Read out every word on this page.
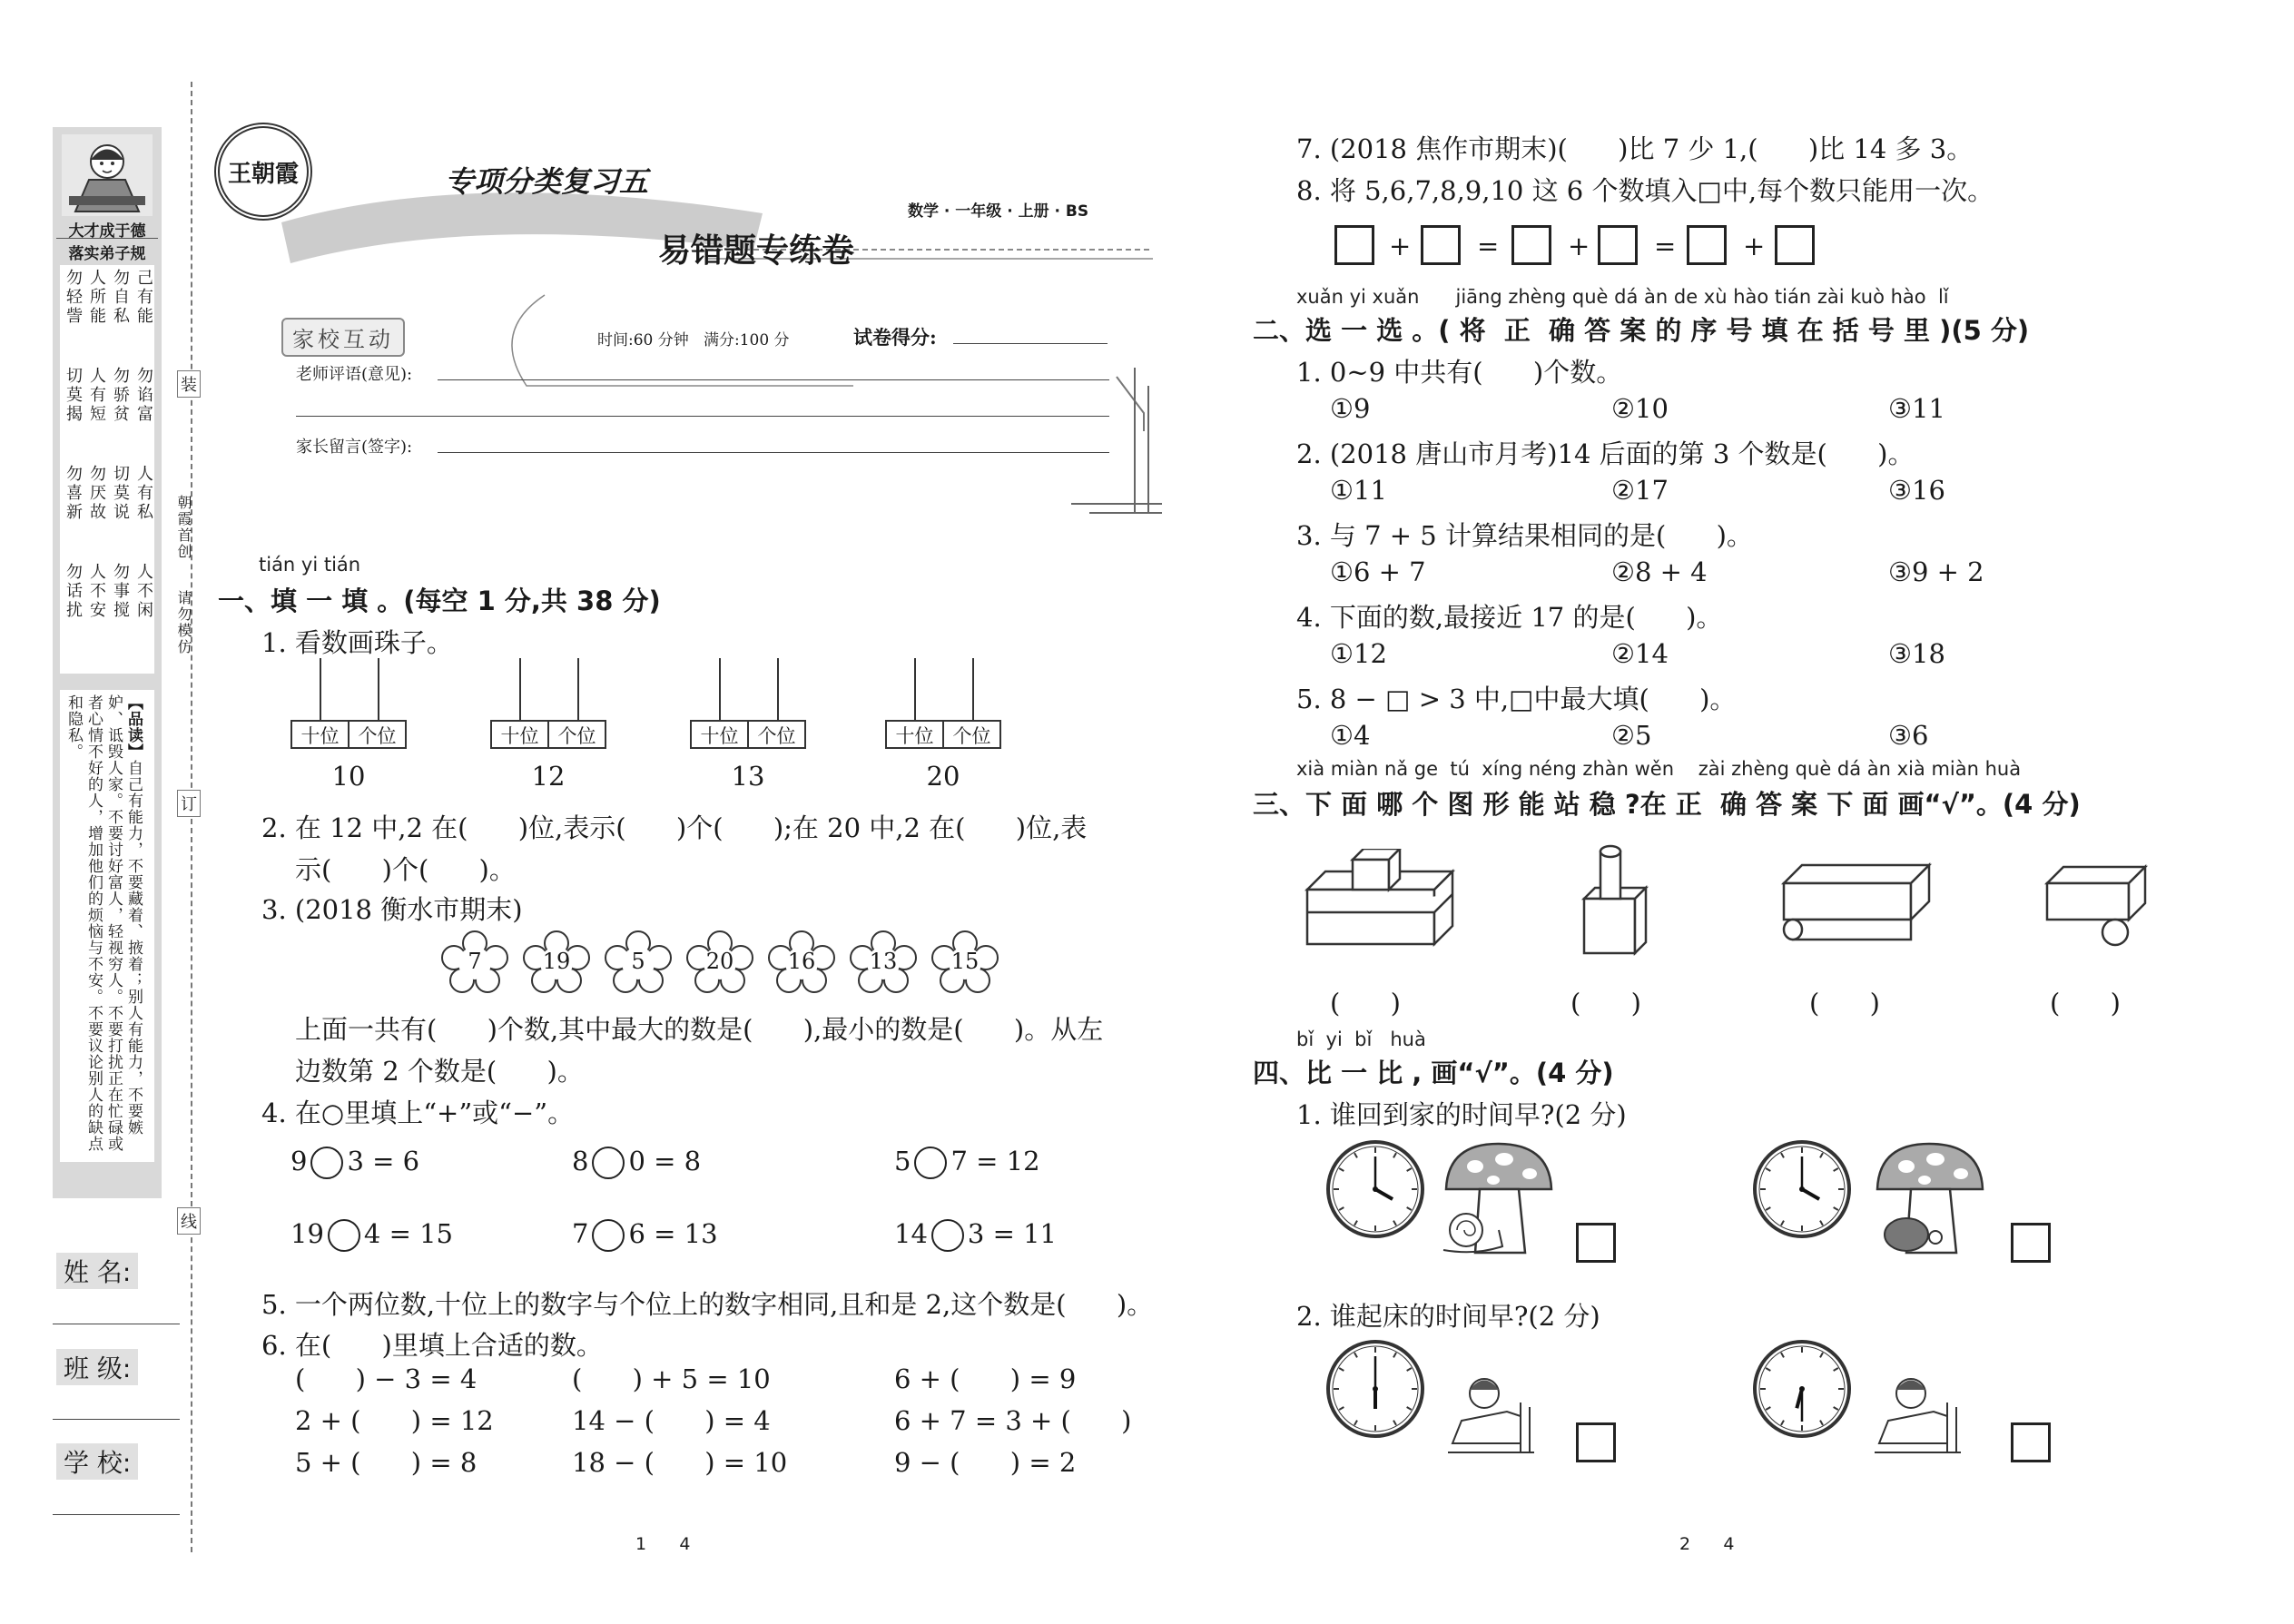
大才成于德
落实弟子规
己有能
勿自私
人所能
勿轻訾
勿谄富
勿骄贫
人有短
切莫揭
人有私
切莫说
勿厌故
勿喜新
人不闲
勿事搅
人不安
勿话扰
【品读】自己有能力，不要藏着、掖着；别人有能力，不要嫉妒、诋毁人家。不要讨好富人，轻视穷人。不要打扰正在忙碌或者心情不好的人，增加他们的烦恼与不安。不要议论别人的缺点和隐私。
装
订
线
朝霞首创
请勿模仿
姓 名:
班 级:
学 校:
王朝霞	专项分类复习五
数学 · 一年级 · 上册 · BS
易错题专练卷
家校互动	时间:60 分钟   满分:100 分	试卷得分:
老师评语(意见):
家长留言(签字):
tián yi tián
一、填 一 填 。(每空 1 分,共 38 分)
1. 看数画珠子。
十位	个位
10
十位	个位
12
十位	个位
13
十位	个位
20
2. 在 12 中,2 在(      )位,表示(      )个(      );在 20 中,2 在(      )位,表
示(      )个(      )。
3. (2018 衡水市期末)
7	19	5	20	16	13	15
上面一共有(      )个数,其中最大的数是(      ),最小的数是(      )。从左
边数第 2 个数是(      )。
4. 在○里填上“+”或“−”。
9 3 = 6	8 0 = 8	5 7 = 12
19 4 = 15	7 6 = 13	14 3 = 11
5. 一个两位数,十位上的数字与个位上的数字相同,且和是 2,这个数是(      )。
6. 在(      )里填上合适的数。
(      ) − 3 = 4	(      ) + 5 = 10	6 + (      ) = 9
2 + (      ) = 12	14 − (      ) = 4	6 + 7 = 3 + (      )
5 + (      ) = 8	18 − (      ) = 10	9 − (      ) = 2
1      4
7. (2018 焦作市期末)(      )比 7 少 1,(      )比 14 多 3。
8. 将 5,6,7,8,9,10 这 6 个数填入□中,每个数只能用一次。
+	=	+ =	+
xuǎn yi xuǎn      jiāng zhèng què dá àn de xù hào tián zài kuò hào  lǐ
二、选 一 选 。( 将  正  确 答 案 的 序 号 填 在 括 号 里 )(5 分)
1. 0~9 中共有(      )个数。
①9	②10	③11
2. (2018 唐山市月考)14 后面的第 3 个数是(      )。
①11	②17	③16
3. 与 7 + 5 计算结果相同的是(      )。
①6 + 7	②8 + 4	③9 + 2
4. 下面的数,最接近 17 的是(      )。
①12	②14	③18
5. 8 − □ > 3 中,□中最大填(      )。
①4	②5	③6
xià miàn nǎ ge  tú  xíng néng zhàn wěn    zài zhèng què dá àn xià miàn huà
三、下 面 哪 个 图 形 能 站 稳 ?在 正  确 答 案 下 面 画“√”。(4 分)
(      )	(      )	(      )	(      )
bǐ  yi  bǐ   huà
四、比 一 比 , 画“√”。(4 分)
1. 谁回到家的时间早?(2 分)
2. 谁起床的时间早?(2 分)
2      4
